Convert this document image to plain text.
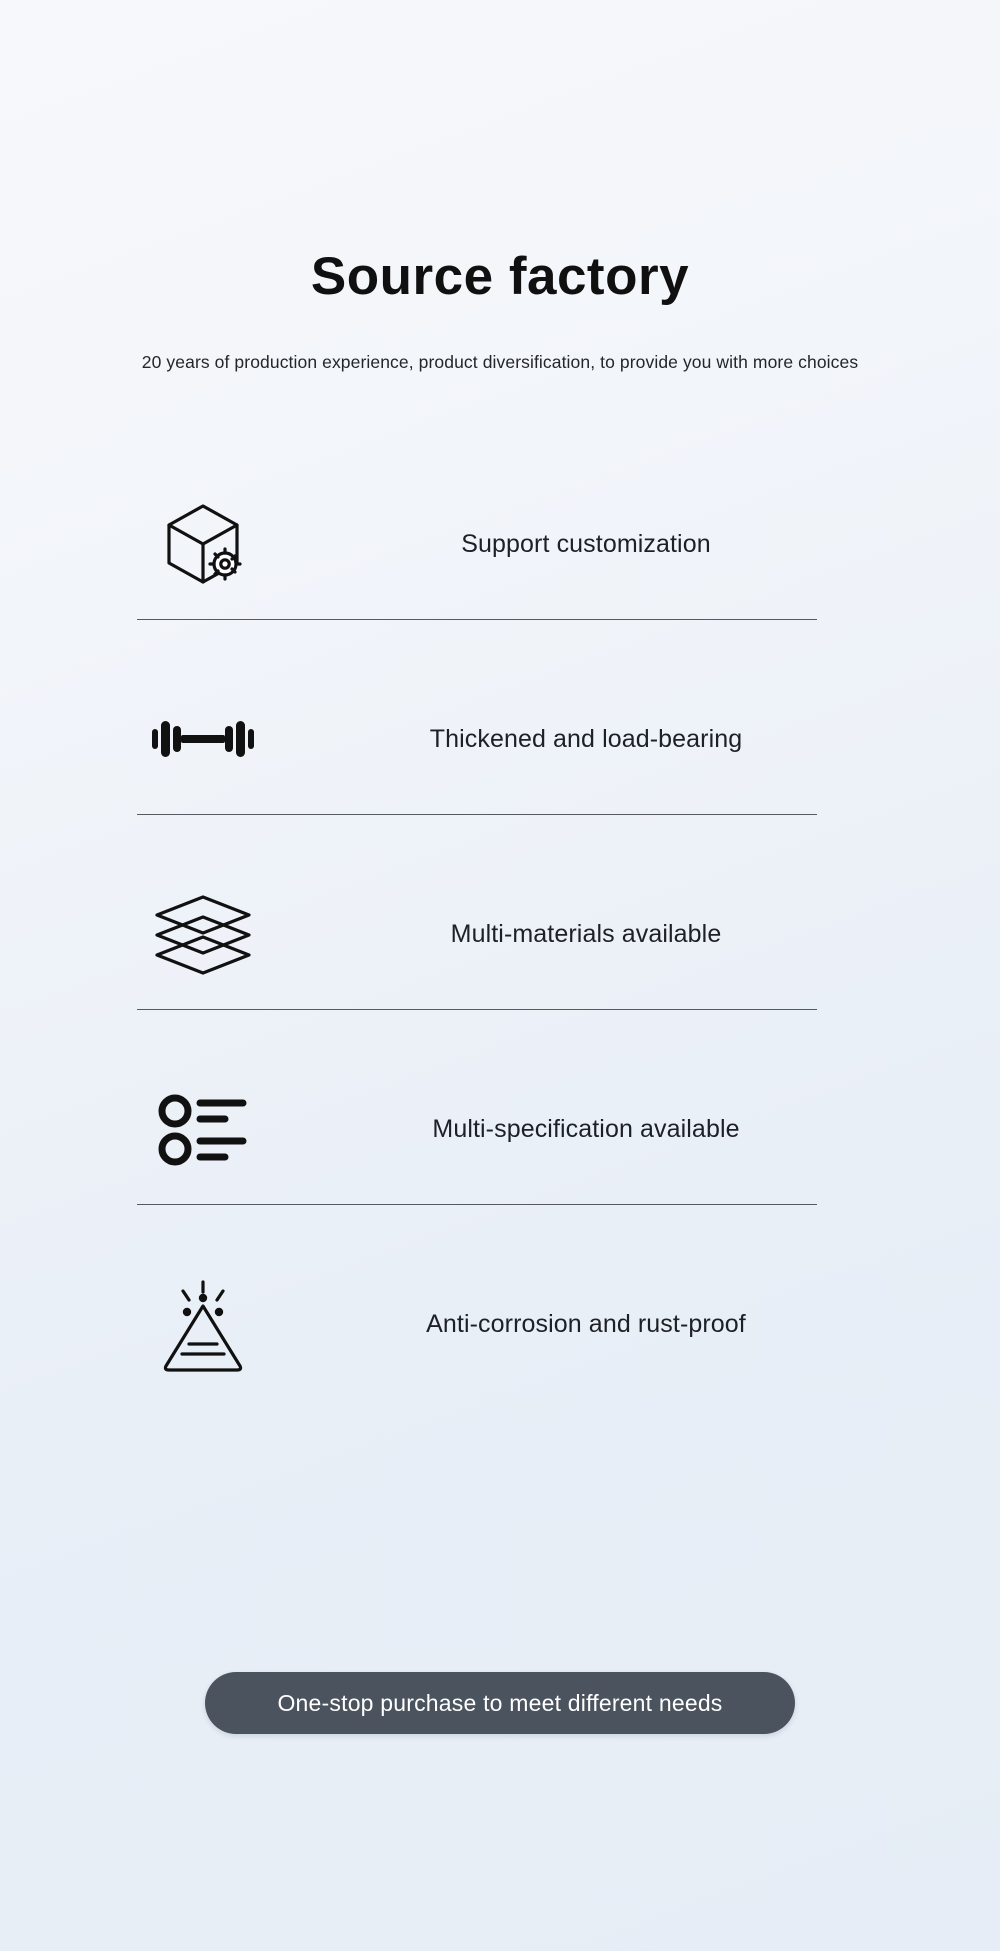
Source factory

20 years of production experience, product diversification, to provide you with more choices

Support customization
Thickened and load-bearing
Multi-materials available
Multi-specification available
Anti-corrosion and rust-proof
One-stop purchase to meet different needs
